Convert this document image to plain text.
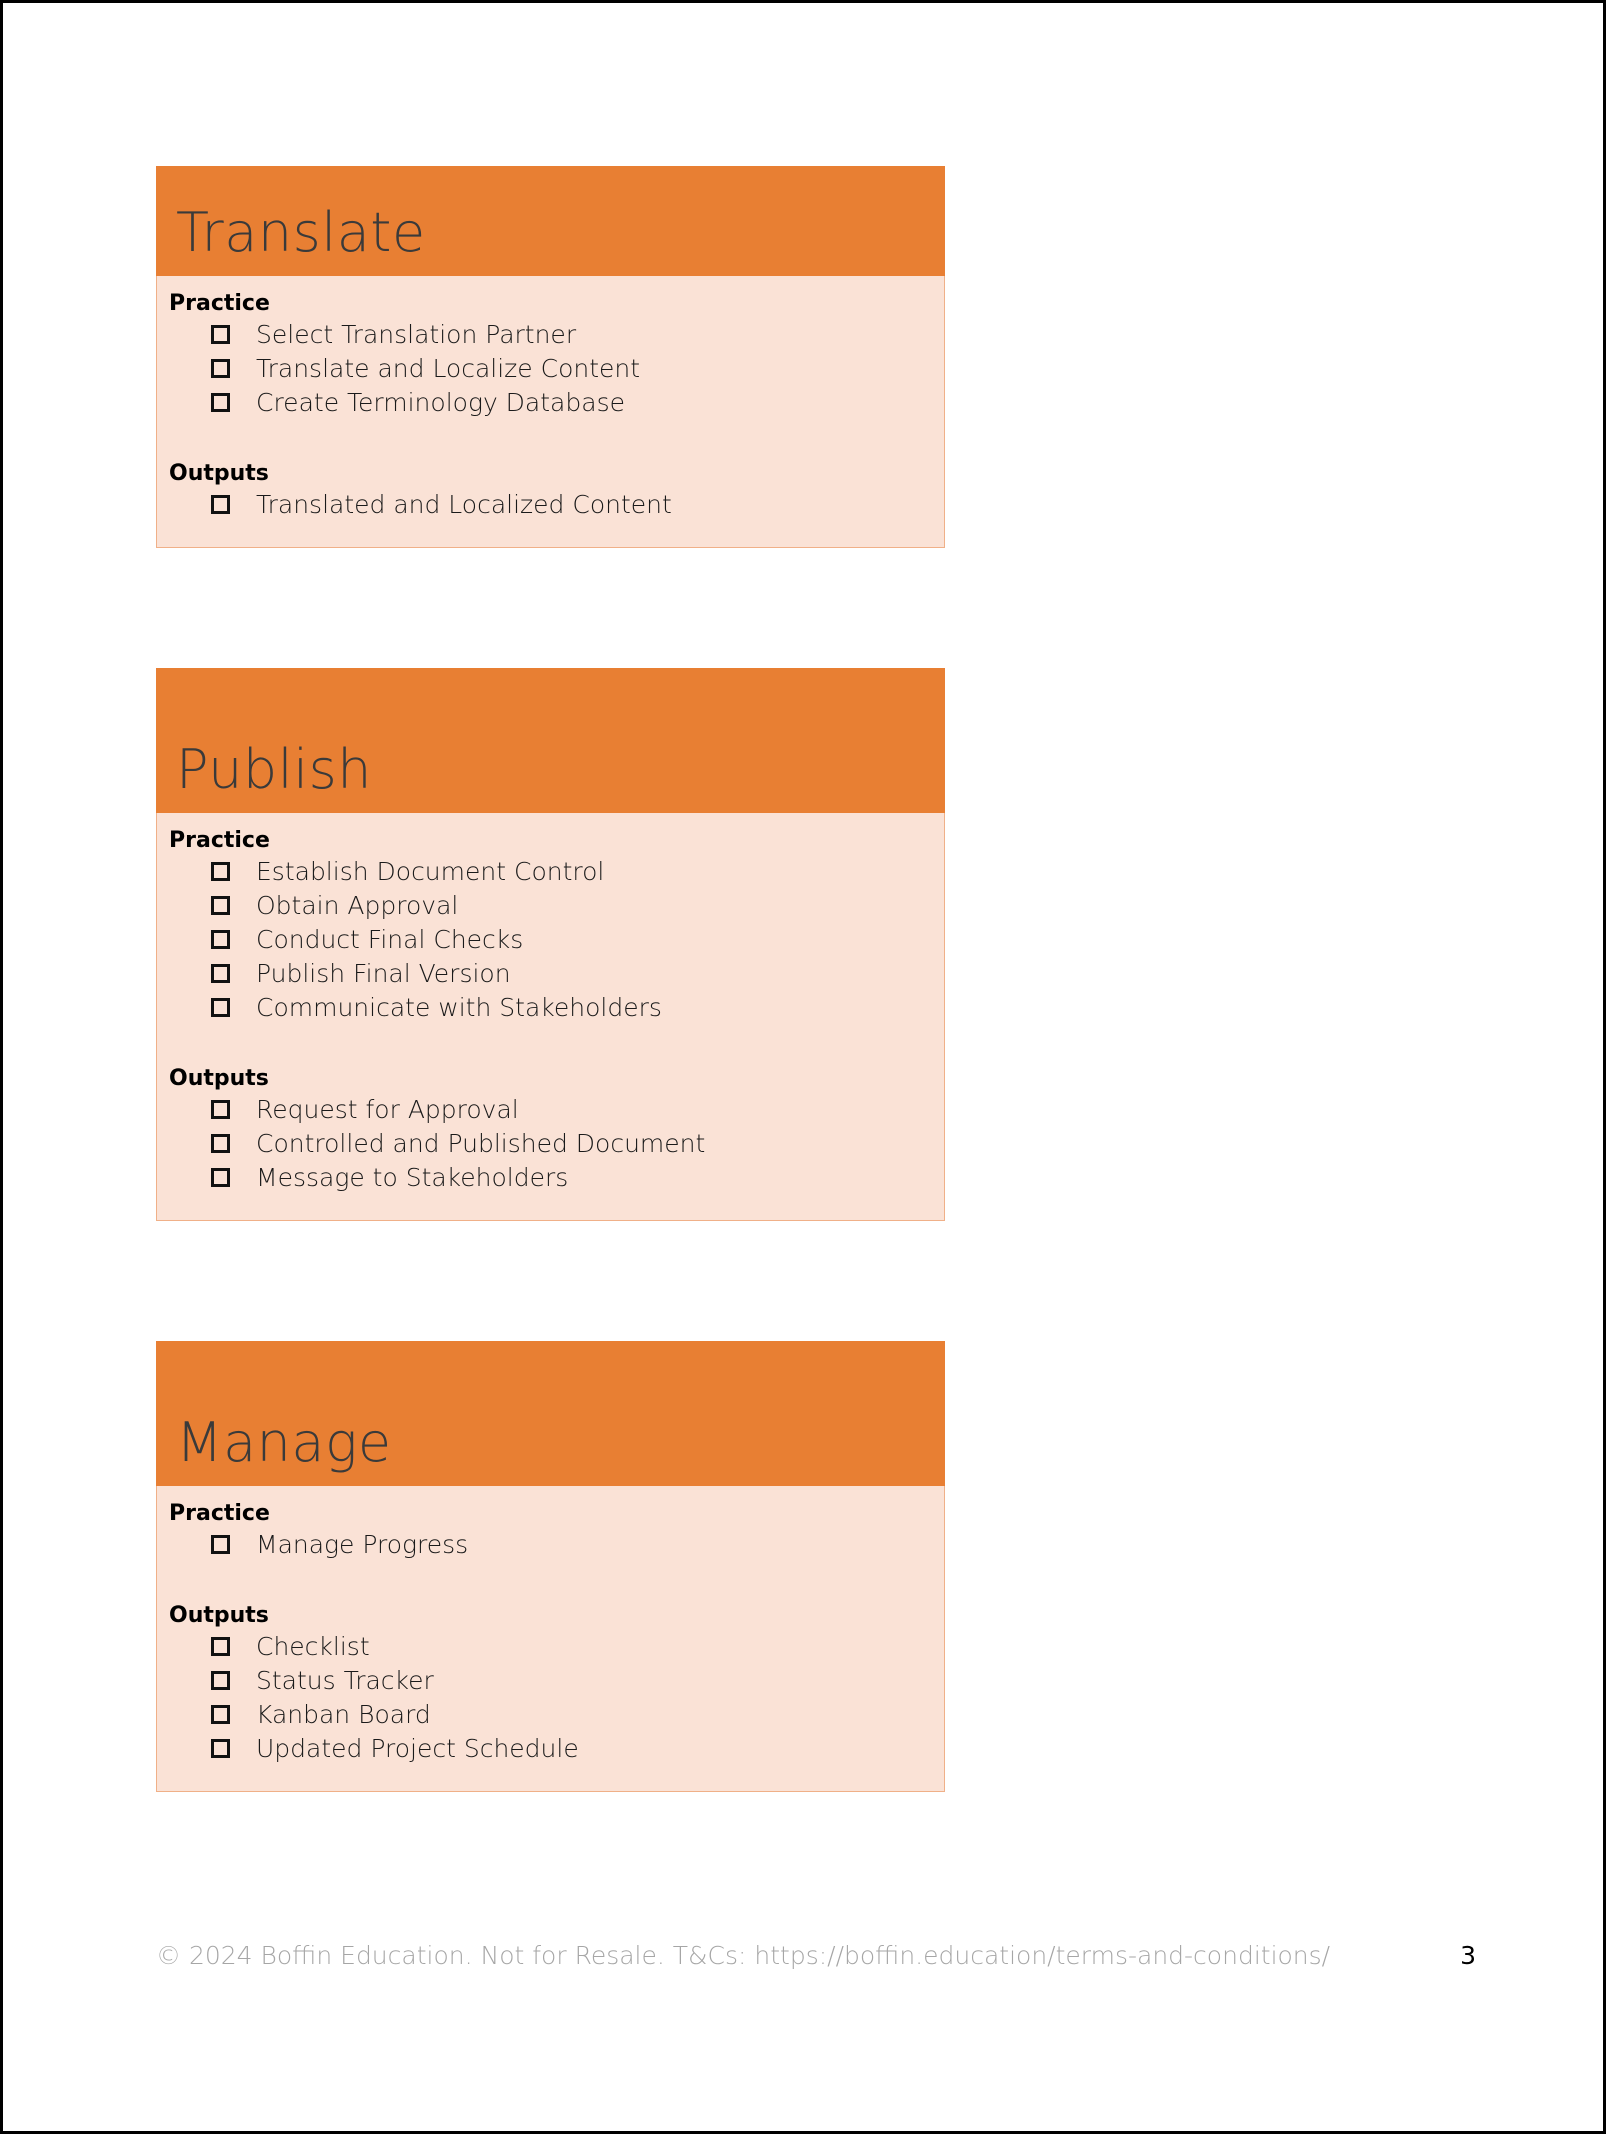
Translate
Practice
Select Translation Partner
Translate and Localize Content
Create Terminology Database
Outputs
Translated and Localized Content
Publish
Practice
Establish Document Control
Obtain Approval
Conduct Final Checks
Publish Final Version
Communicate with Stakeholders
Outputs
Request for Approval
Controlled and Published Document
Message to Stakeholders
Manage
Practice
Manage Progress
Outputs
Checklist
Status Tracker
Kanban Board
Updated Project Schedule
© 2024 Boffin Education. Not for Resale. T&Cs: https://boffin.education/terms-and-conditions/	3
